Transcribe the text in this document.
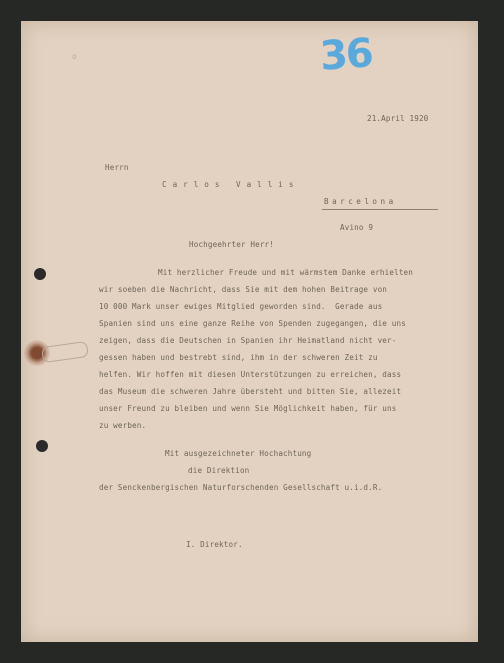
36
o
21.April 1920
Herrn
Carlos Vallis
Barcelona
Avino 9
Hochgeehrter Herr!
Mit herzlicher Freude und mit wärmstem Danke erhielten
wir soeben die Nachricht, dass Sie mit dem hohen Beitrage von
10 000 Mark unser ewiges Mitglied geworden sind.  Gerade aus
Spanien sind uns eine ganze Reihe von Spenden zugegangen, die uns
zeigen, dass die Deutschen in Spanien ihr Heimatland nicht ver-
gessen haben und bestrebt sind, ihm in der schweren Zeit zu
helfen. Wir hoffen mit diesen Unterstützungen zu erreichen, dass
das Museum die schweren Jahre übersteht und bitten Sie, allezeit
unser Freund zu bleiben und wenn Sie Möglichkeit haben, für uns
zu werben.
Mit ausgezeichneter Hochachtung
die Direktion
der Senckenbergischen Naturforschenden Gesellschaft u.i.d.R.
I. Direktor.
